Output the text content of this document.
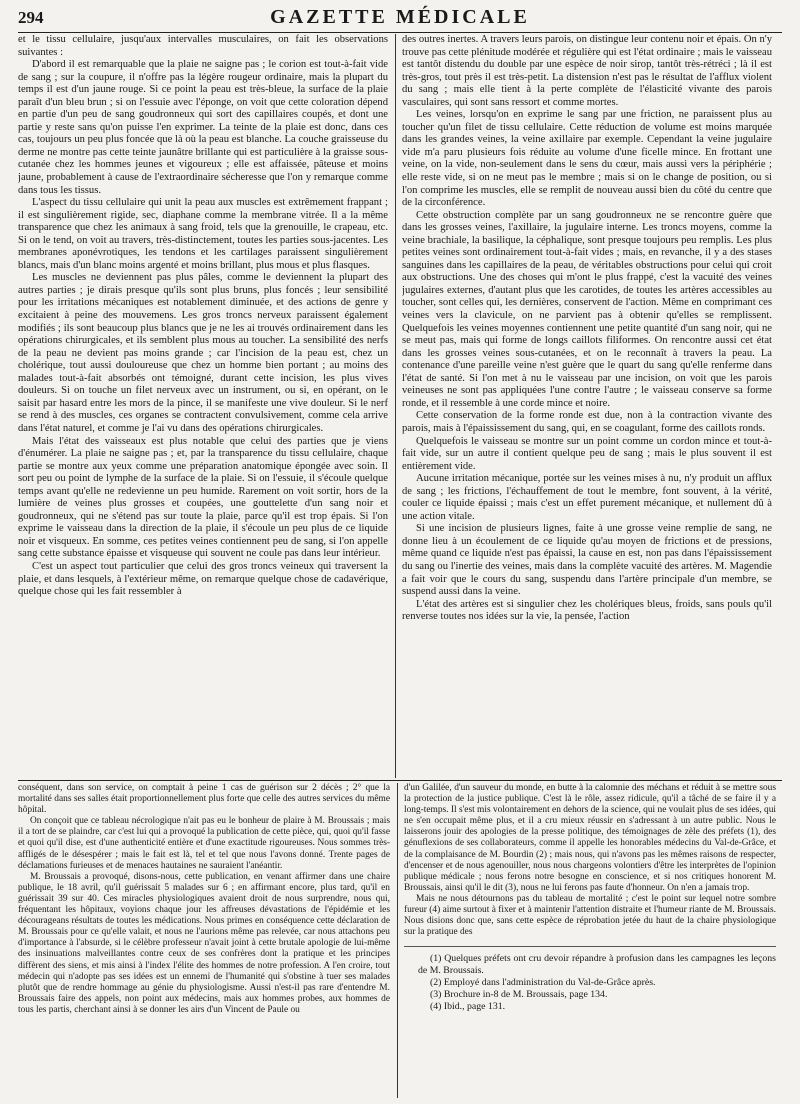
294	GAZETTE MÉDICALE

et le tissu cellulaire, jusqu'aux intervalles musculaires, on fait les observations suivantes :

D'abord il est remarquable que la plaie ne saigne pas ; le corion est tout-à-fait vide de sang ; sur la coupure, il n'offre pas la légère rougeur ordinaire, mais la plupart du temps il est d'un jaune rouge. Si ce point la peau est très-bleue, la surface de la plaie paraît d'un bleu brun ; si on l'essuie avec l'éponge, on voit que cette coloration dépend en partie d'un peu de sang goudronneux qui sort des capillaires coupés, et dont une partie y reste sans qu'on puisse l'en exprimer. La teinte de la plaie est donc, dans ces cas, toujours un peu plus foncée que là où la peau est blanche. La couche graisseuse du derme ne montre pas cette teinte jaunâtre brillante qui est particulière à la graisse sous-cutanée chez les hommes jeunes et vigoureux ; elle est affaissée, pâteuse et moins jaune, probablement à cause de l'extraordinaire sécheresse que l'on y remarque comme dans tous les tissus.

L'aspect du tissu cellulaire qui unit la peau aux muscles est extrêmement frappant ; il est singulièrement rigide, sec, diaphane comme la membrane vitrée. Il a la même transparence que chez les animaux à sang froid, tels que la grenouille, le crapeau, etc. Si on le tend, on voit au travers, très-distinctement, toutes les parties sous-jacentes. Les membranes aponévrotiques, les tendons et les cartilages paraissent singulièrement blancs, mais d'un blanc moins argenté et moins brillant, plus mous et plus flasques.

Les muscles ne deviennent pas plus pâles, comme le deviennent la plupart des autres parties ; je dirais presque qu'ils sont plus bruns, plus foncés ; leur sensibilité pour les irritations mécaniques est notablement diminuée, et des actions de genre y excitaient à peine des mouvemens. Les gros troncs nerveux paraissent également modifiés ; ils sont beaucoup plus blancs que je ne les ai trouvés ordinairement dans les opérations chirurgicales, et ils semblent plus mous au toucher. La sensibilité des nerfs de la peau ne devient pas moins grande ; car l'incision de la peau est, chez un cholérique, tout aussi douloureuse que chez un homme bien portant ; au moins des malades tout-à-fait absorbés ont témoigné, durant cette incision, les plus vives douleurs. Si on touche un filet nerveux avec un instrument, ou si, en opérant, on le saisit par hasard entre les mors de la pince, il se manifeste une vive douleur. Si le nerf se rend à des muscles, ces organes se contractent convulsivement, comme cela arrive dans l'état naturel, et comme je l'ai vu dans des opérations chirurgicales.

Mais l'état des vaisseaux est plus notable que celui des parties que je viens d'énumérer. La plaie ne saigne pas ; et, par la transparence du tissu cellulaire, chaque partie se montre aux yeux comme une préparation anatomique épongée avec soin. Il sort peu ou point de lymphe de la surface de la plaie. Si on l'essuie, il s'écoule quelque temps avant qu'elle ne redevienne un peu humide. Rarement on voit sortir, hors de la lumière de veines plus grosses et coupées, une gouttelette d'un sang noir et goudronneux, qui ne s'étend pas sur toute la plaie, parce qu'il est trop épais. Si l'on exprime le vaisseau dans la direction de la plaie, il s'écoule un peu plus de ce liquide noir et visqueux. En somme, ces petites veines contiennent peu de sang, si l'on appelle sang cette substance épaisse et visqueuse qui souvent ne coule pas dans leur intérieur.

C'est un aspect tout particulier que celui des gros troncs veineux qui traversent la plaie, et dans lesquels, à l'extérieur même, on remarque quelque chose de cadavérique, quelque chose qui les fait ressembler à

des outres inertes. A travers leurs parois, on distingue leur contenu noir et épais. On n'y trouve pas cette plénitude modérée et régulière qui est l'état ordinaire ; mais le vaisseau est tantôt distendu du double par une espèce de noir sirop, tantôt très-rétréci ; là il est très-gros, tout près il est très-petit. La distension n'est pas le résultat de l'afflux violent du sang ; mais elle tient à la perte complète de l'élasticité vivante des parois vasculaires, qui sont sans ressort et comme mortes.

Les veines, lorsqu'on en exprime le sang par une friction, ne paraissent plus au toucher qu'un filet de tissu cellulaire. Cette réduction de volume est moins marquée dans les grandes veines, la veine axillaire par exemple. Cependant la veine jugulaire vide m'a paru plusieurs fois réduite au volume d'une ficelle mince. En frottant une veine, on la vide, non-seulement dans le sens du cœur, mais aussi vers la périphérie ; elle reste vide, si on ne meut pas le membre ; mais si on le change de position, ou si l'on comprime les muscles, elle se remplit de nouveau aussi bien du côté du centre que de la circonférence.

Cette obstruction complète par un sang goudronneux ne se rencontre guère que dans les grosses veines, l'axillaire, la jugulaire interne. Les troncs moyens, comme la veine brachiale, la basilique, la céphalique, sont presque toujours peu remplis. Les plus petites veines sont ordinairement tout-à-fait vides ; mais, en revanche, il y a des stases sanguines dans les capillaires de la peau, de véritables obstructions pour celui qui croit aux obstructions. Une des choses qui m'ont le plus frappé, c'est la vacuité des veines jugulaires externes, d'autant plus que les carotides, de toutes les artères accessibles au toucher, sont celles qui, les dernières, conservent de l'action. Même en comprimant ces veines vers la clavicule, on ne parvient pas à obtenir qu'elles se remplissent. Quelquefois les veines moyennes contiennent une petite quantité d'un sang noir, qui ne se meut pas, mais qui forme de longs caillots filiformes. On rencontre aussi cet état dans les grosses veines sous-cutanées, et on le reconnaît à travers la peau. La contenance d'une pareille veine n'est guère que le quart du sang qu'elle renferme dans l'état de santé. Si l'on met à nu le vaisseau par une incision, on voit que les parois veineuses ne sont pas appliquées l'une contre l'autre ; le vaisseau conserve sa forme ronde, et il ressemble à une corde mince et noire.

Cette conservation de la forme ronde est due, non à la contraction vivante des parois, mais à l'épaississement du sang, qui, en se coagulant, forme des caillots ronds.

Quelquefois le vaisseau se montre sur un point comme un cordon mince et tout-à-fait vide, sur un autre il contient quelque peu de sang ; mais le plus souvent il est entièrement vide.

Aucune irritation mécanique, portée sur les veines mises à nu, n'y produit un afflux de sang ; les frictions, l'échauffement de tout le membre, font souvent, à la vérité, couler ce liquide épaissi ; mais c'est un effet purement mécanique, et nullement dû à une action vitale.

Si une incision de plusieurs lignes, faite à une grosse veine remplie de sang, ne donne lieu à un écoulement de ce liquide qu'au moyen de frictions et de pressions, même quand ce liquide n'est pas épaissi, la cause en est, non pas dans l'épaississement du sang ou l'inertie des veines, mais dans la complète vacuité des artères. M. Magendie a fait voir que le cours du sang, suspendu dans l'artère principale d'un membre, se suspend aussi dans la veine.

L'état des artères est si singulier chez les cholériques bleus, froids, sans pouls qu'il renverse toutes nos idées sur la vie, la pensée, l'action

conséquent, dans son service, on comptait à peine 1 cas de guérison sur 2 décès ; 2° que la mortalité dans ses salles était proportionnellement plus forte que celle des autres services du même hôpital.

On conçoit que ce tableau nécrologique n'ait pas eu le bonheur de plaire à M. Broussais ; mais il a tort de se plaindre, car c'est lui qui a provoqué la publication de cette pièce, qui, quoi qu'il fasse et quoi qu'il dise, est d'une authenticité entière et d'une exactitude rigoureuses. Nous sommes très-affligés de le désespérer ; mais le fait est là, tel et tel que nous l'avons donné. Trente pages de déclamations furieuses et de menaces hautaines ne sauraient l'anéantir.

M. Broussais a provoqué, disons-nous, cette publication, en venant affirmer dans une chaire publique, le 18 avril, qu'il guérissait 5 malades sur 6 ; en affirmant encore, plus tard, qu'il en guérissait 39 sur 40. Ces miracles physiologiques avaient droit de nous surprendre, nous qui, fréquentant les hôpitaux, voyions chaque jour les affreuses dévastations de l'épidémie et les décourageans résultats de toutes les médications. Nous primes en conséquence cette déclaration de M. Broussais pour ce qu'elle valait, et nous ne l'aurions même pas relevée, car nous attachons peu d'importance à l'absurde, si le célèbre professeur n'avait joint à cette brutale apologie de lui-même des insinuations malveillantes contre ceux de ses confrères dont la pratique et les principes diffèrent des siens, et mis ainsi à l'index l'élite des hommes de notre profession. A l'en croire, tout médecin qui n'adopte pas ses idées est un ennemi de l'humanité qui s'obstine à tuer ses malades plutôt que de rendre hommage au génie du physiologisme. Aussi n'est-il pas rare d'entendre M. Broussais faire des appels, non point aux médecins, mais aux hommes probes, aux hommes de tous les partis, cherchant ainsi à se donner les airs d'un Vincent de Paule ou

d'un Galilée, d'un sauveur du monde, en butte à la calomnie des méchans et réduit à se mettre sous la protection de la justice publique. C'est là le rôle, assez ridicule, qu'il a tâché de se faire il y a long-temps. Il s'est mis volontairement en dehors de la science, qui ne voulait plus de ses idées, qui ne s'en occupait même plus, et il a cru mieux réussir en s'adressant à un autre public. Nous le laisserons jouir des apologies de la presse politique, des témoignages de zèle des préfets (1), des génuflexions de ses collaborateurs, comme il appelle les honorables médecins du Val-de-Grâce, et de la complaisance de M. Bourdin (2) ; mais nous, qui n'avons pas les mêmes raisons de respecter, d'encenser et de nous agenouiller, nous nous chargeons volontiers d'être les interprètes de l'opinion publique médicale ; nous ferons notre besogne en conscience, et si nos critiques honorent M. Broussais, ainsi qu'il le dit (3), nous ne lui ferons pas faute d'honneur. On n'en a jamais trop.

Mais ne nous détournons pas du tableau de mortalité ; c'est le point sur lequel notre sombre fureur (4) aime surtout à fixer et à maintenir l'attention distraite et l'humeur riante de M. Broussais. Nous disions donc que, sans cette espèce de réprobation jetée du haut de la chaire physiologique sur la pratique des

(1) Quelques préfets ont cru devoir répandre à profusion dans les campagnes les leçons de M. Broussais.

(2) Employé dans l'administration du Val-de-Grâce après.

(3) Brochure in-8 de M. Broussais, page 134.

(4) Ibid., page 131.
